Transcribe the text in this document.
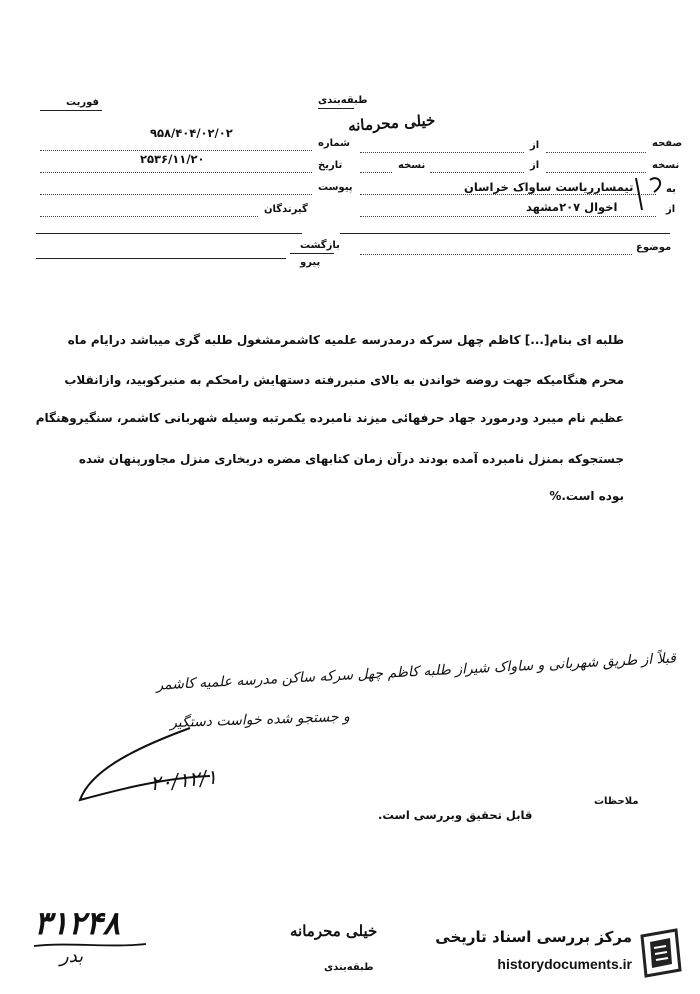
فوریت	طبقه‌بندی
خیلی محرمانه
شماره
۹۵۸/۴۰۴/۰۲/۰۲
تاریخ
۲۵۳۶/۱۱/۲۰
پیوست
گیرندگان
صفحه
از
نسخه
از
نسخه
به
تیمسارریاست ساواک خراسان
از
اخوال ۲۰۷مشهد
بازگشت
پیرو
موضوع
طلبه ای بنام[...] کاظم چهل سرکه درمدرسه علمیه کاشمرمشغول طلبه گری میباشد درایام ماه
محرم هنگامیکه جهت روضه خواندن به بالای منبررفته دستهایش رامحکم به منبرکوبید، وازانقلاب
عظیم نام میبرد ودرمورد جهاد حرفهائی میزند نامبرده یکمرتبه وسیله شهربانی کاشمر، سنگیروهنگام
جستجوکه بمنزل نامبرده آمده بودند درآن زمان کتابهای مضره دربخاری منزل مجاورپنهان شده
بوده است.%
قبلاً از طریق شهربانی و ساواک شیراز طلبه کاظم چهل سرکه ساکن مدرسه علمیه کاشمر
و جستجو شده خواست دستگیر
۲۰/۱۲/۱
ملاحظات
قابل تحقیق وبررسی است.
۳۱۲۴۸
بدر
خیلی محرمانه
طبقه‌بندی
مرکز بررسی اسناد تاریخی
historydocuments.ir
